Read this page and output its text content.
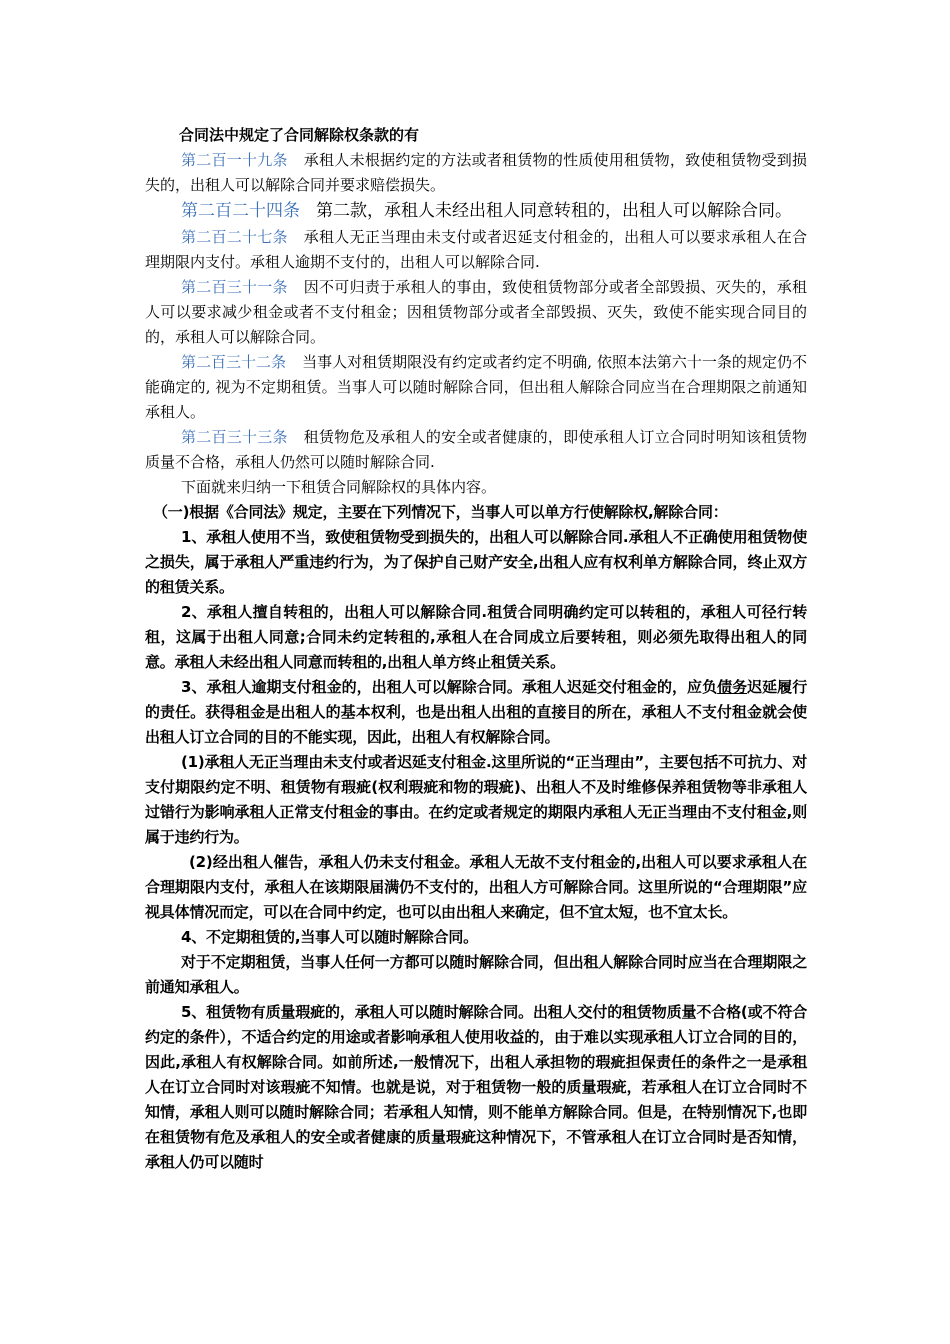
合同法中规定了合同解除权条款的有

第二百一十九条 承租人未根据约定的方法或者租赁物的性质使用租赁物，致使租赁物受到损失的，出租人可以解除合同并要求赔偿损失。

第二百二十四条 第二款，承租人未经出租人同意转租的，出租人可以解除合同。

第二百二十七条 承租人无正当理由未支付或者迟延支付租金的，出租人可以要求承租人在合理期限内支付。承租人逾期不支付的，出租人可以解除合同.

第二百三十一条 因不可归责于承租人的事由，致使租赁物部分或者全部毁损、灭失的，承租人可以要求减少租金或者不支付租金；因租赁物部分或者全部毁损、灭失，致使不能实现合同目的的，承租人可以解除合同。

第二百三十二条 当事人对租赁期限没有约定或者约定不明确, 依照本法第六十一条的规定仍不能确定的, 视为不定期租赁。当事人可以随时解除合同，但出租人解除合同应当在合理期限之前通知承租人。

第二百三十三条 租赁物危及承租人的安全或者健康的，即使承租人订立合同时明知该租赁物质量不合格，承租人仍然可以随时解除合同.

下面就来归纳一下租赁合同解除权的具体内容。

（一)根据《合同法》规定，主要在下列情况下，当事人可以单方行使解除权,解除合同：

1、承租人使用不当，致使租赁物受到损失的，出租人可以解除合同.承租人不正确使用租赁物使之损失，属于承租人严重违约行为，为了保护自己财产安全,出租人应有权利单方解除合同，终止双方的租赁关系。

2、承租人擅自转租的，出租人可以解除合同.租赁合同明确约定可以转租的，承租人可径行转租，这属于出租人同意;合同未约定转租的,承租人在合同成立后要转租，则必须先取得出租人的同意。承租人未经出租人同意而转租的,出租人单方终止租赁关系。

3、承租人逾期支付租金的，出租人可以解除合同。承租人迟延交付租金的，应负债务迟延履行的责任。获得租金是出租人的基本权利，也是出租人出租的直接目的所在，承租人不支付租金就会使出租人订立合同的目的不能实现，因此，出租人有权解除合同。

(1)承租人无正当理由未支付或者迟延支付租金.这里所说的“正当理由”，主要包括不可抗力、对支付期限约定不明、租赁物有瑕疵(权利瑕疵和物的瑕疵)、出租人不及时维修保养租赁物等非承租人过错行为影响承租人正常支付租金的事由。在约定或者规定的期限内承租人无正当理由不支付租金,则属于违约行为。

(2)经出租人催告，承租人仍未支付租金。承租人无故不支付租金的,出租人可以要求承租人在合理期限内支付，承租人在该期限届满仍不支付的，出租人方可解除合同。这里所说的“合理期限”应视具体情况而定，可以在合同中约定，也可以由出租人来确定，但不宜太短，也不宜太长。

4、不定期租赁的,当事人可以随时解除合同。

对于不定期租赁，当事人任何一方都可以随时解除合同，但出租人解除合同时应当在合理期限之前通知承租人。

5、租赁物有质量瑕疵的，承租人可以随时解除合同。出租人交付的租赁物质量不合格(或不符合约定的条件），不适合约定的用途或者影响承租人使用收益的，由于难以实现承租人订立合同的目的，因此,承租人有权解除合同。如前所述,一般情况下，出租人承担物的瑕疵担保责任的条件之一是承租人在订立合同时对该瑕疵不知情。也就是说，对于租赁物一般的质量瑕疵，若承租人在订立合同时不知情，承租人则可以随时解除合同；若承租人知情，则不能单方解除合同。但是，在特别情况下,也即在租赁物有危及承租人的安全或者健康的质量瑕疵这种情况下，不管承租人在订立合同时是否知情，承租人仍可以随时
